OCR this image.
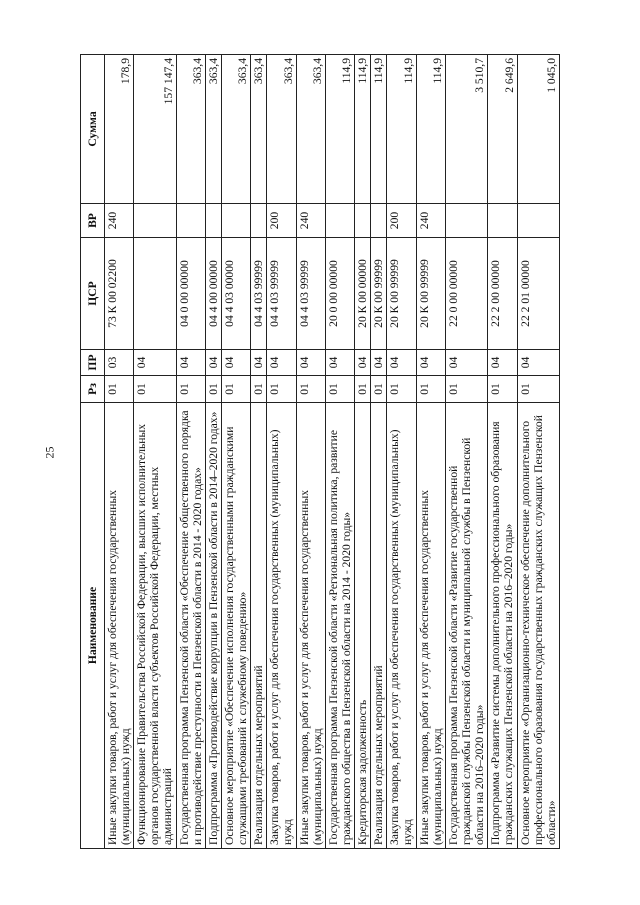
25
Наименование	Рз	ПР	ЦСР	ВР	Сумма
Иные закупки товаров, работ и услуг для обеспечения государственных (муниципальных) нужд	01	03	73 К 00 02200	240	178,9
Функционирование Правительства Российской Федерации, высших исполнительных органов государственной власти субъектов Российской Федерации, местных администраций	01	04			157 147,4
Государственная программа Пензенской области «Обеспечение общественного порядка и противодействие преступности в Пензенской области в 2014 - 2020 годах»	01	04	04 0 00 00000		363,4
Подпрограмма «Противодействие коррупции в Пензенской области в 2014–2020 годах»	01	04	04 4 00 00000		363,4
Основное мероприятие «Обеспечение исполнения государственными гражданскими служащими требований к служебному поведению»	01	04	04 4 03 00000		363,4
Реализация отдельных мероприятий	01	04	04 4 03 99999		363,4
Закупка товаров, работ и услуг для обеспечения государственных (муниципальных) нужд	01	04	04 4 03 99999	200	363,4
Иные закупки товаров, работ и услуг для обеспечения государственных (муниципальных) нужд	01	04	04 4 03 99999	240	363,4
Государственная программа Пензенской области «Региональная политика, развитие гражданского общества в Пензенской области на 2014 - 2020 годы»	01	04	20 0 00 00000		114,9
Кредиторская задолженность	01	04	20 К 00 00000		114,9
Реализация отдельных мероприятий	01	04	20 К 00 99999		114,9
Закупка товаров, работ и услуг для обеспечения государственных (муниципальных) нужд	01	04	20 К 00 99999	200	114,9
Иные закупки товаров, работ и услуг для обеспечения государственных (муниципальных) нужд	01	04	20 К 00 99999	240	114,9
Государственная программа Пензенской области «Развитие государственной гражданской службы Пензенской области и муниципальной службы в Пензенской области на 2016–2020 годы»	01	04	22 0 00 00000		3 510,7
Подпрограмма «Развитие системы дополнительного профессионального образования гражданских служащих Пензенской области на 2016–2020 годы»	01	04	22 2 00 00000		2 649,6
Основное мероприятие «Организационно-техническое обеспечение дополнительного профессионального образования государственных гражданских служащих Пензенской области»	01	04	22 2 01 00000		1 045,0
